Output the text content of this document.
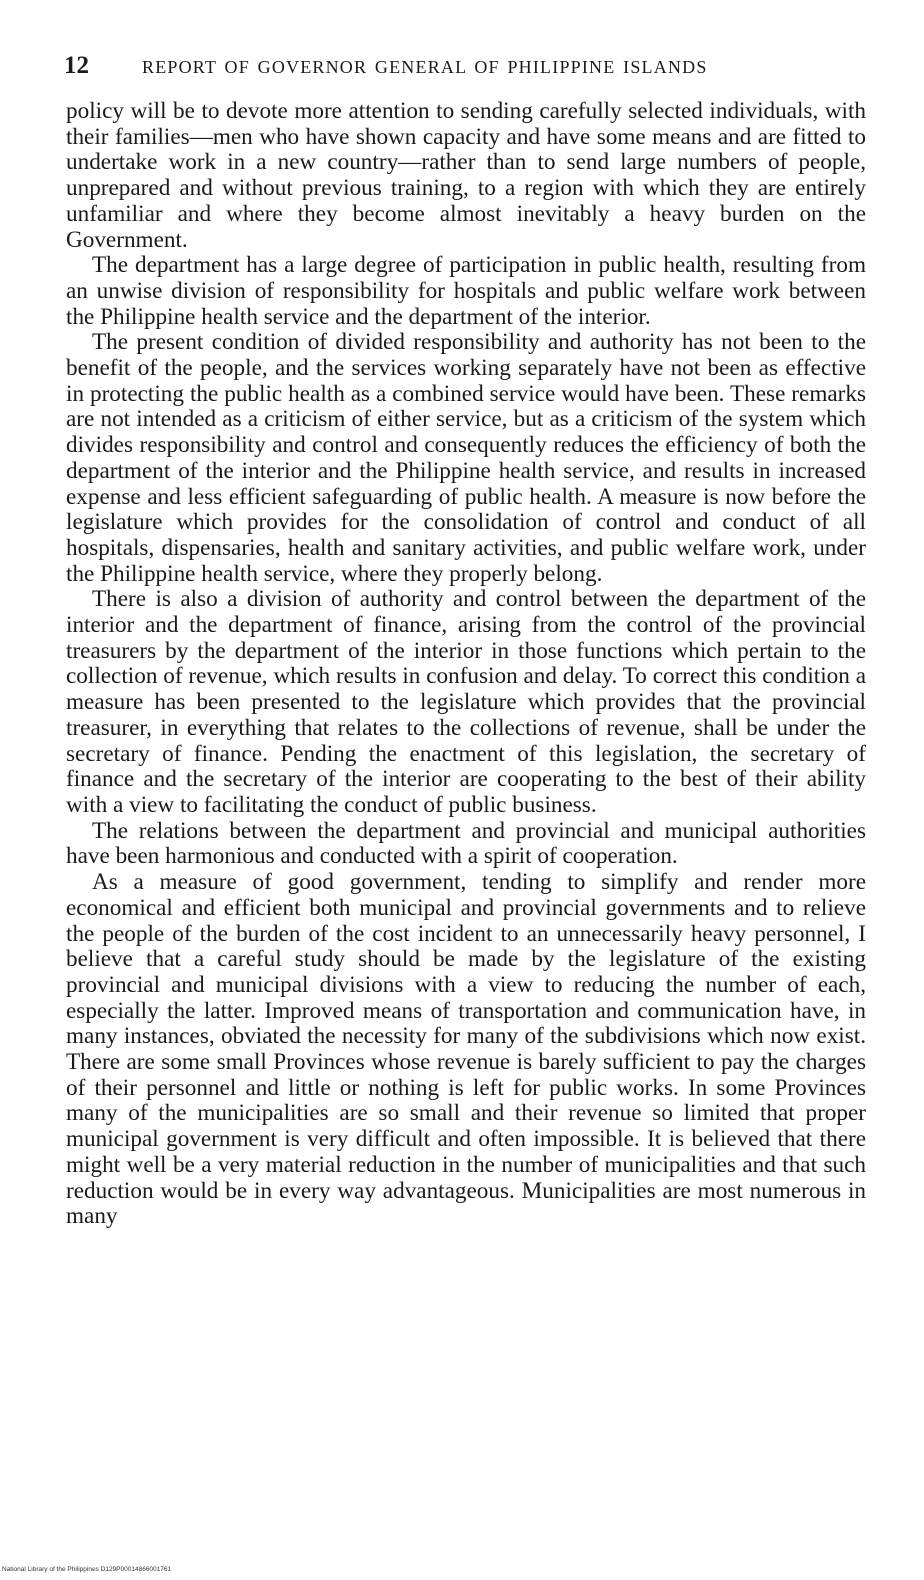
12	REPORT OF GOVERNOR GENERAL OF PHILIPPINE ISLANDS

policy will be to devote more attention to sending carefully selected individuals, with their families—men who have shown capacity and have some means and are fitted to undertake work in a new country—rather than to send large numbers of people, unprepared and without previous training, to a region with which they are entirely unfamiliar and where they become almost inevitably a heavy burden on the Government.

The department has a large degree of participation in public health, resulting from an unwise division of responsibility for hospitals and public welfare work between the Philippine health service and the department of the interior.

The present condition of divided responsibility and authority has not been to the benefit of the people, and the services working separately have not been as effective in protecting the public health as a combined service would have been. These remarks are not intended as a criticism of either service, but as a criticism of the system which divides responsibility and control and consequently reduces the efficiency of both the department of the interior and the Philippine health service, and results in increased expense and less efficient safeguarding of public health. A measure is now before the legislature which provides for the consolidation of control and conduct of all hospitals, dispensaries, health and sanitary activities, and public welfare work, under the Philippine health service, where they properly belong.

There is also a division of authority and control between the department of the interior and the department of finance, arising from the control of the provincial treasurers by the department of the interior in those functions which pertain to the collection of revenue, which results in confusion and delay. To correct this condition a measure has been presented to the legislature which provides that the provincial treasurer, in everything that relates to the collections of revenue, shall be under the secretary of finance. Pending the enactment of this legislation, the secretary of finance and the secretary of the interior are cooperating to the best of their ability with a view to facilitating the conduct of public business.

The relations between the department and provincial and municipal authorities have been harmonious and conducted with a spirit of cooperation.

As a measure of good government, tending to simplify and render more economical and efficient both municipal and provincial governments and to relieve the people of the burden of the cost incident to an unnecessarily heavy personnel, I believe that a careful study should be made by the legislature of the existing provincial and municipal divisions with a view to reducing the number of each, especially the latter. Improved means of transportation and communication have, in many instances, obviated the necessity for many of the subdivisions which now exist. There are some small Provinces whose revenue is barely sufficient to pay the charges of their personnel and little or nothing is left for public works. In some Provinces many of the municipalities are so small and their revenue so limited that proper municipal government is very difficult and often impossible. It is believed that there might well be a very material reduction in the number of municipalities and that such reduction would be in every way advantageous. Municipalities are most numerous in many

National Library of the Philippines D129P00014866001761
